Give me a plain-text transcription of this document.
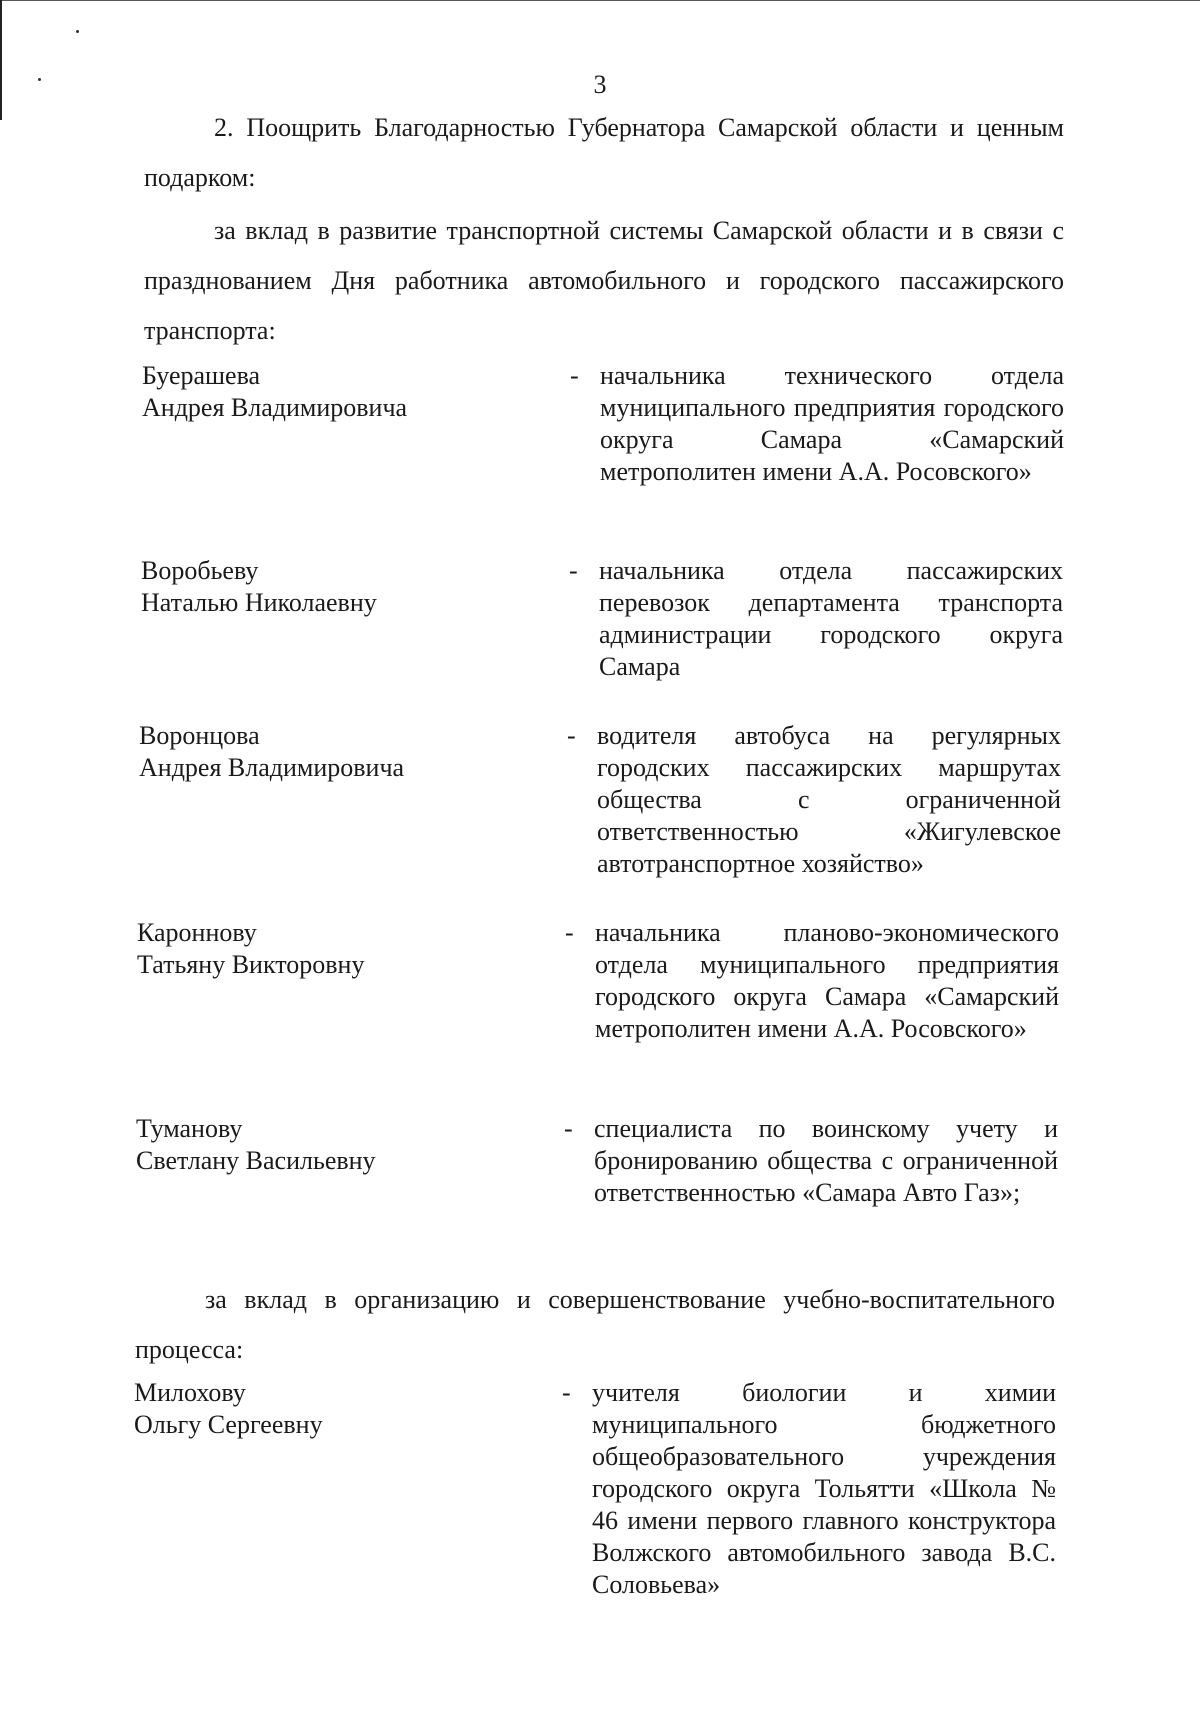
3
2. Поощрить Благодарностью Губернатора Самарской области и ценным подарком:
за вклад в развитие транспортной системы Самарской области и в связи с празднованием Дня работника автомобильного и городского пассажирского транспорта:
Буерашева
Андрея Владимировича
- начальника технического отдела муниципального предприятия городского округа Самара «Самарский метрополитен имени А.А. Росовского»
Воробьеву
Наталью Николаевну
- начальника отдела пассажирских перевозок департамента транспорта администрации городского округа Самара
Воронцова
Андрея Владимировича
- водителя автобуса на регулярных городских пассажирских маршрутах общества с ограниченной ответственностью «Жигулевское автотранспортное хозяйство»
Кароннову
Татьяну Викторовну
- начальника планово-экономического отдела муниципального предприятия городского округа Самара «Самарский метрополитен имени А.А. Росовского»
Туманову
Светлану Васильевну
- специалиста по воинскому учету и бронированию общества с ограниченной ответственностью «Самара Авто Газ»;
за вклад в организацию и совершенствование учебно-воспитательного процесса:
Милохову
Ольгу Сергеевну
- учителя биологии и химии муниципального бюджетного общеобразовательного учреждения городского округа Тольятти «Школа № 46 имени первого главного конструктора Волжского автомобильного завода В.С. Соловьева»
